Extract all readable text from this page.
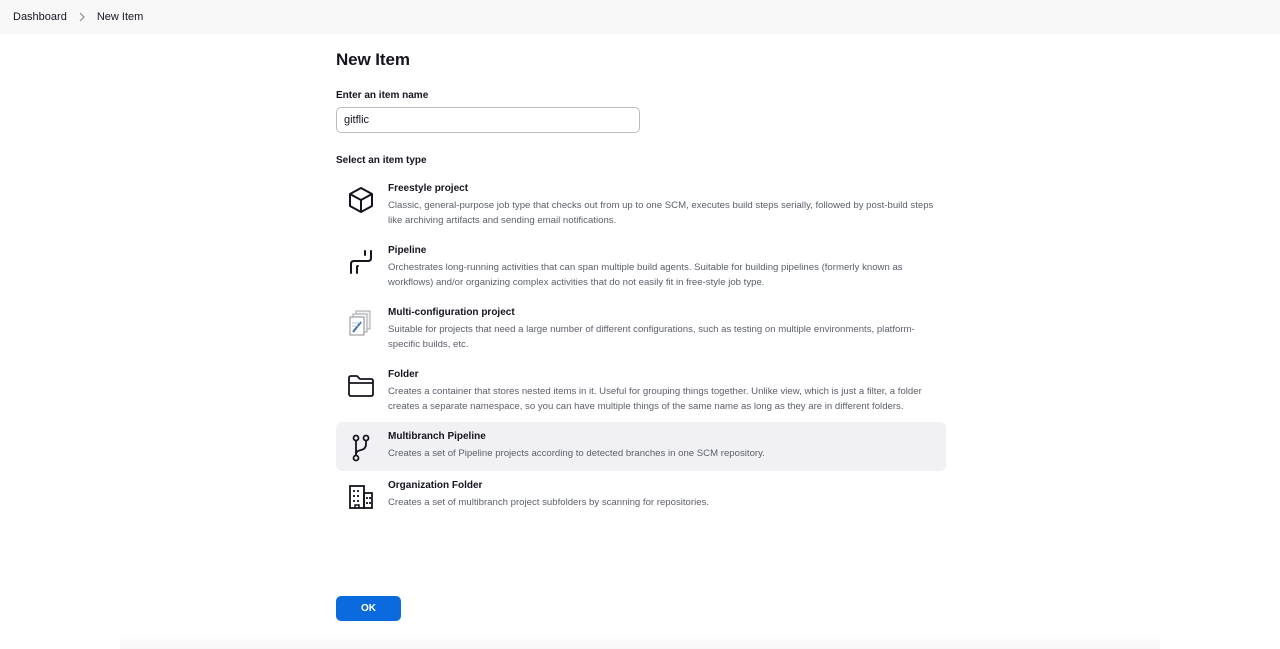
Dashboard	New Item
New Item
Enter an item name
gitflic
Select an item type
Freestyle project
Classic, general-purpose job type that checks out from up to one SCM, executes build steps serially, followed by post-build steps like archiving artifacts and sending email notifications.
Pipeline
Orchestrates long-running activities that can span multiple build agents. Suitable for building pipelines (formerly known as workflows) and/or organizing complex activities that do not easily fit in free-style job type.
Multi-configuration project
Suitable for projects that need a large number of different configurations, such as testing on multiple environments, platform-specific builds, etc.
Folder
Creates a container that stores nested items in it. Useful for grouping things together. Unlike view, which is just a filter, a folder creates a separate namespace, so you can have multiple things of the same name as long as they are in different folders.
Multibranch Pipeline
Creates a set of Pipeline projects according to detected branches in one SCM repository.
Organization Folder
Creates a set of multibranch project subfolders by scanning for repositories.
OK
